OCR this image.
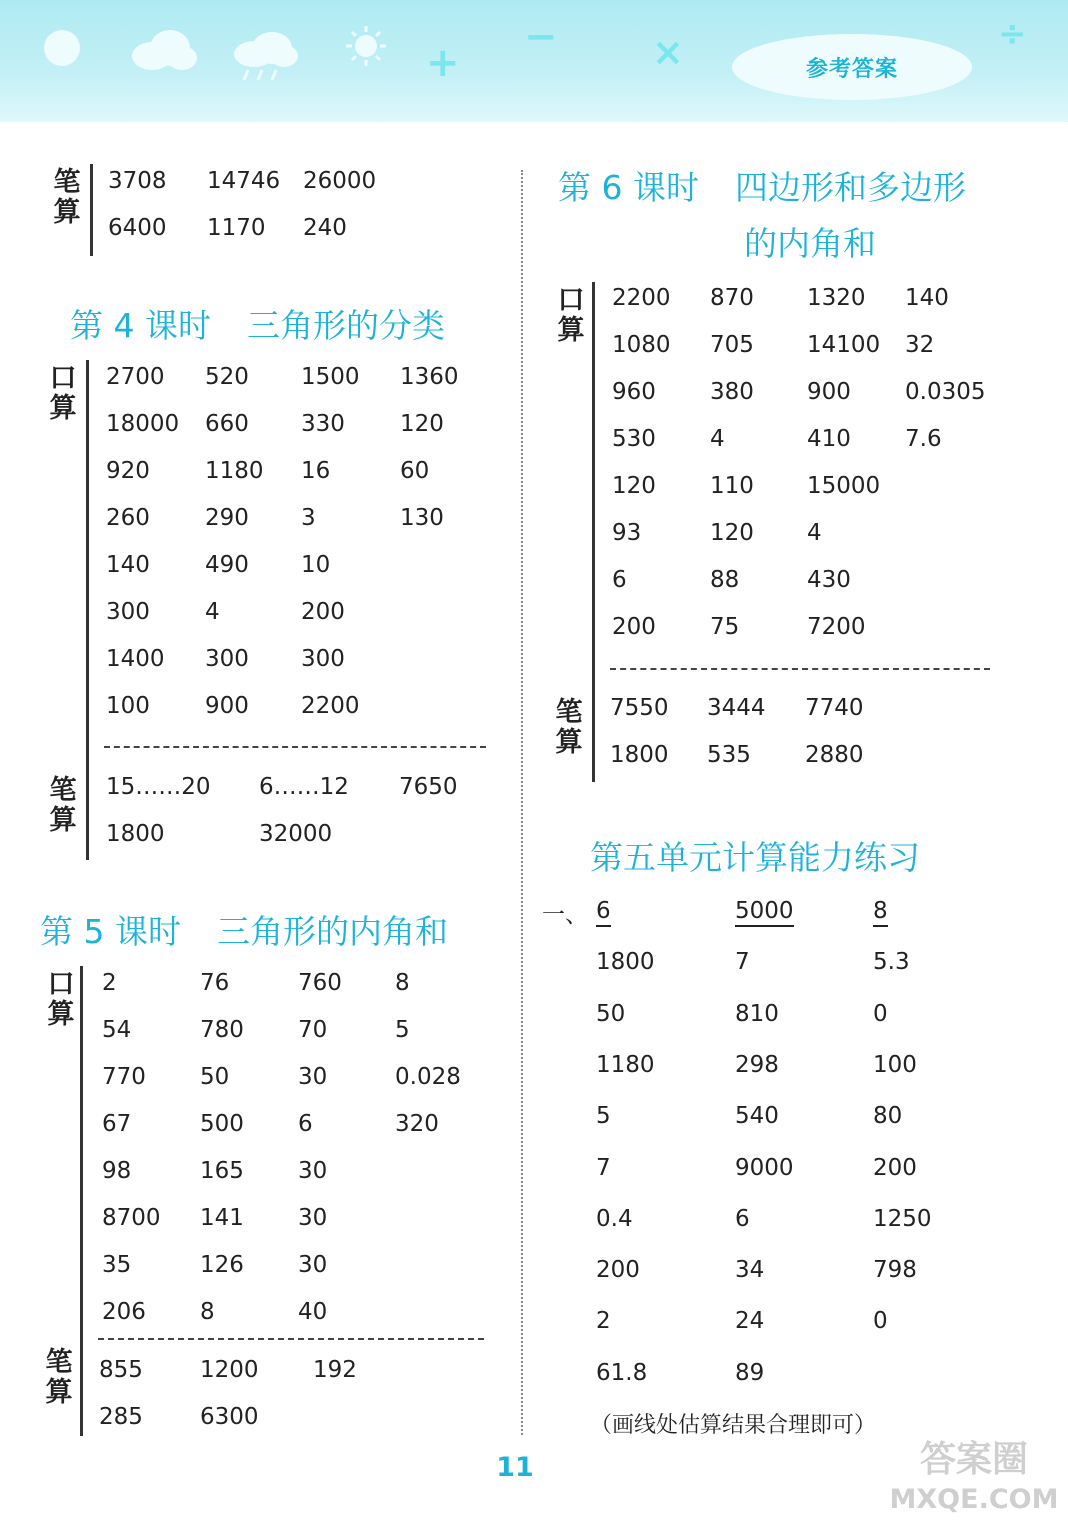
+
− ×	÷
参考答案
笔算
第 4 课时 三角形的分类
口算
笔算
第 5 课时 三角形的内角和
口算
笔算
第 6 课时 四边形和多边形
的内角和
口算
笔算
第五单元计算能力练习
一、
（画线处估算结果合理即可）
11	答案圈
MXQE.COM
3708 14746 26000
6400 1170 240
2700 520 1500 1360
18000 660 330 120
920 1180 16	60
260 290 3	130
140 490 10
300 4	200
1400 300 300
100 900 2200
15……20 6……12 7650
1800	32000
2	76	760 8
54	780 70	5
770 50	30	0.028
67	500 6	320
98	165 30
8700 141 30
35	126 30
206 8	40
855 1200 192
285 6300
2200 870 1320 140
1080 705 14100 32
960 380 900 0.0305
530 4	410 7.6
120 110 15000
93	120 4
6	88	430
200 75	7200
7550 3444 7740
1800 535 2880
6	5000	8
1800	7	5.3
50	810	0
1180	298	100
5	540	80
7	9000	200
0.4	6	1250
200	34	798
2	24	0
61.8	89
